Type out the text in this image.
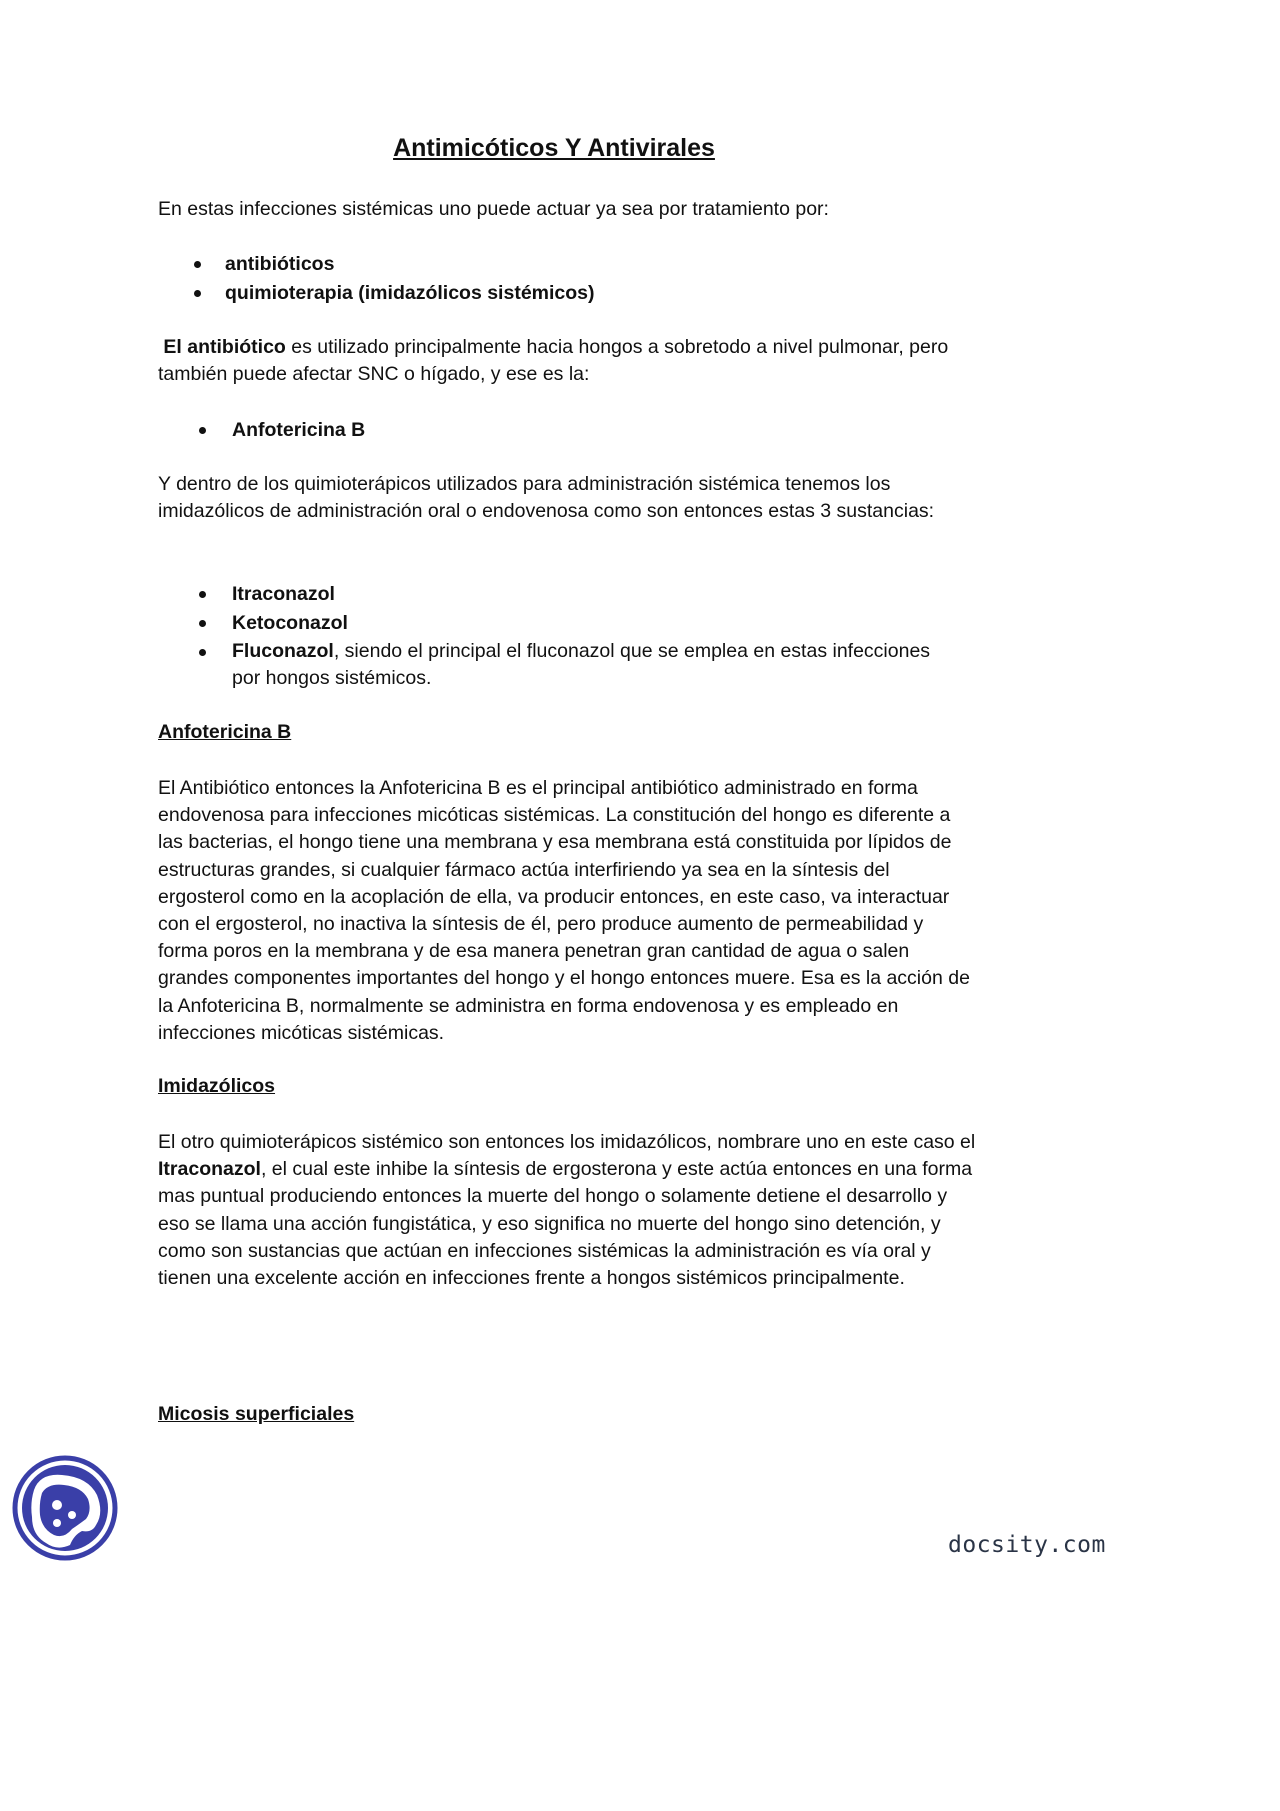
Antimicóticos Y Antivirales

En estas infecciones sistémicas uno puede actuar ya sea por tratamiento por:

antibióticos
quimioterapia (imidazólicos sistémicos)

El antibiótico es utilizado principalmente hacia hongos a sobretodo a nivel pulmonar, pero también puede afectar SNC o hígado, y ese es la:

Anfotericina B

Y dentro de los quimioterápicos utilizados para administración sistémica tenemos los imidazólicos de administración oral o endovenosa como son entonces estas 3 sustancias:

Itraconazol
Ketoconazol
Fluconazol, siendo el principal el fluconazol que se emplea en estas infecciones por hongos sistémicos.
Anfotericina B

El Antibiótico entonces la Anfotericina B es el principal antibiótico administrado en forma endovenosa para infecciones micóticas sistémicas. La constitución del hongo es diferente a las bacterias, el hongo tiene una membrana y esa membrana está constituida por lípidos de estructuras grandes, si cualquier fármaco actúa interfiriendo ya sea en la síntesis del ergosterol como en la acoplación de ella, va producir entonces, en este caso, va interactuar con el ergosterol, no inactiva la síntesis de él, pero produce aumento de permeabilidad y forma poros en la membrana y de esa manera penetran gran cantidad de agua o salen grandes componentes importantes del hongo y el hongo entonces muere. Esa es la acción de la Anfotericina B, normalmente se administra en forma endovenosa y es empleado en infecciones micóticas sistémicas.

Imidazólicos

El otro quimioterápicos sistémico son entonces los imidazólicos, nombrare uno en este caso el Itraconazol, el cual este inhibe la síntesis de ergosterona y este actúa entonces en una forma mas puntual produciendo entonces la muerte del hongo o solamente detiene el desarrollo y eso se llama una acción fungistática, y eso significa no muerte del hongo sino detención, y como son sustancias que actúan en infecciones sistémicas la administración es vía oral y tienen una excelente acción en infecciones frente a hongos sistémicos principalmente.

Micosis superficiales
docsity.com
